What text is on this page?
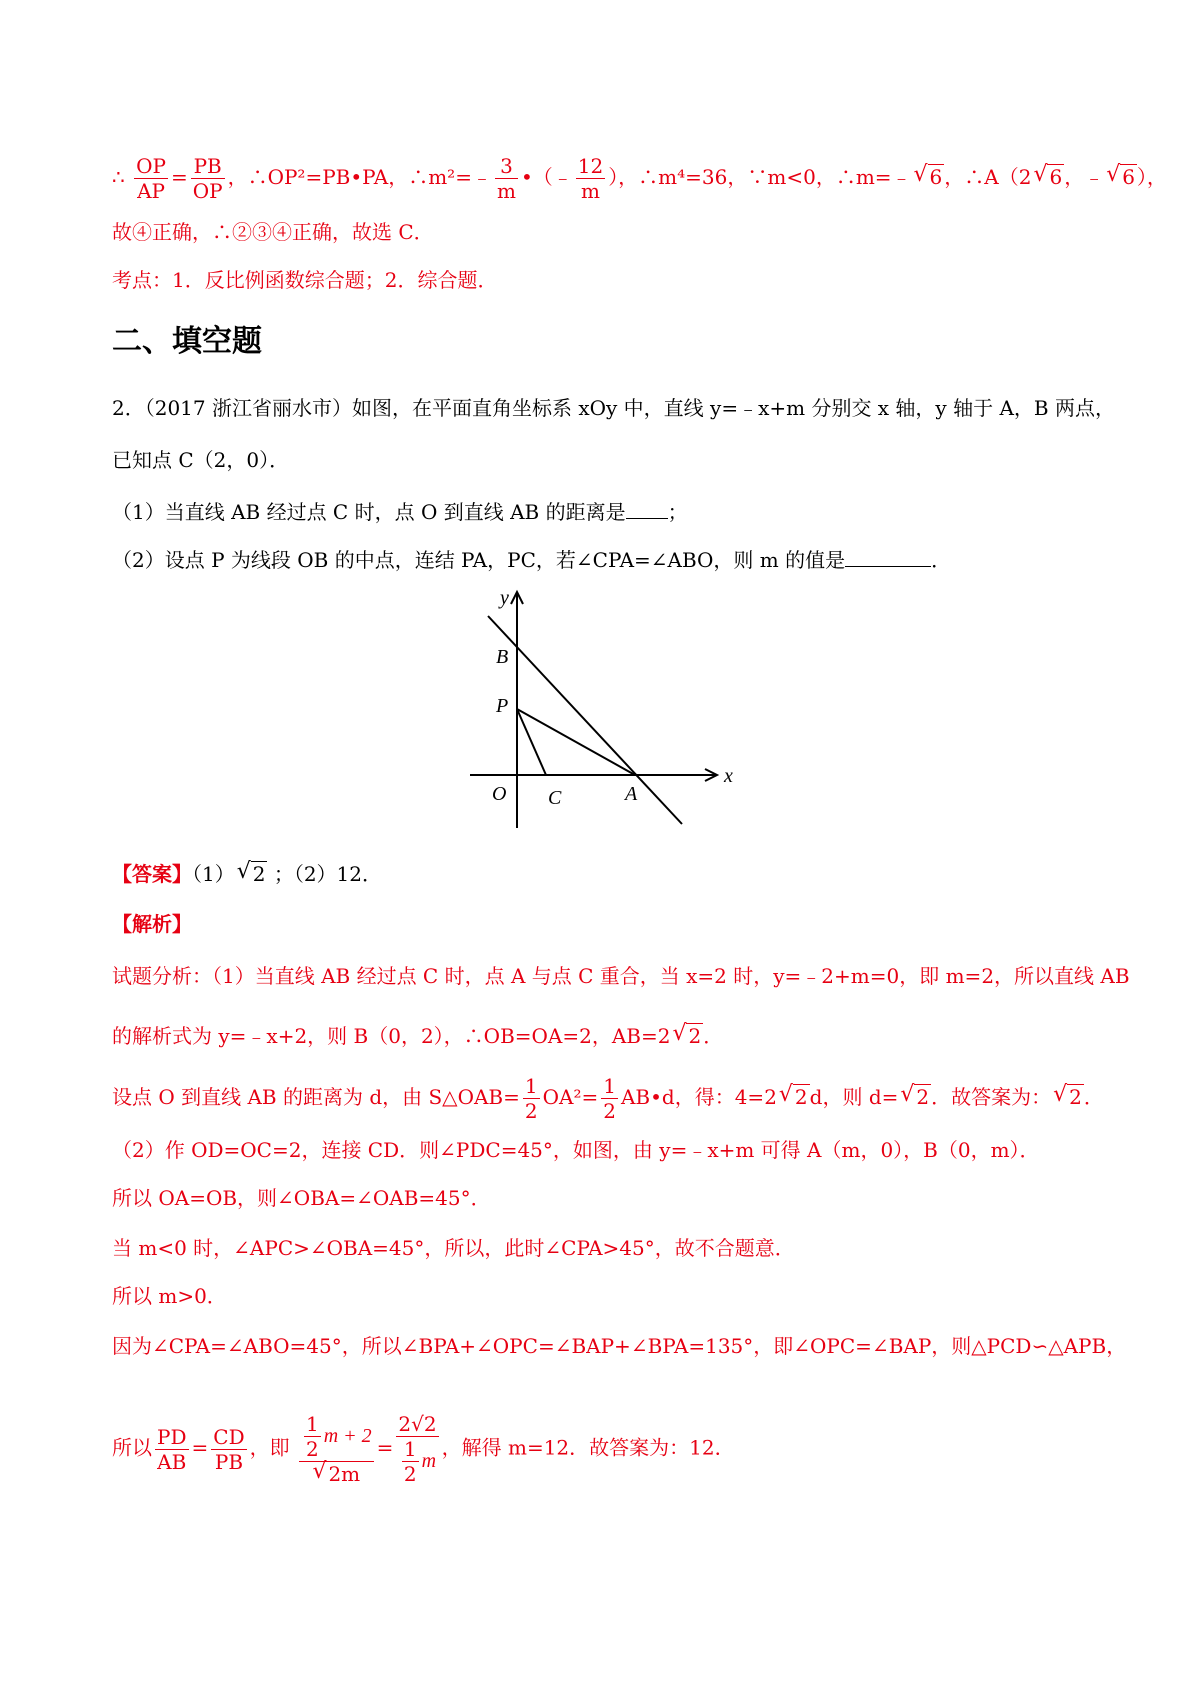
∴ $\frac{OP}{AP} = \frac{PB}{OP}$ ，∴OP²=PB•PA，∴m²=﹣ $\frac{3}{m}$ •（﹣ $\frac{12}{m}$ ），∴m⁴=36，∵m<0，∴m=﹣ √ 6 ，∴A（2 √ 6 ，﹣ √ 6 ），
故④正确，∴②③④正确，故选 C．
考点：1．反比例函数综合题；2．综合题．
二、填空题
2．（2017 浙江省丽水市）如图，在平面直角坐标系 xOy 中，直线 y=﹣x+m 分别交 x 轴，y 轴于 A，B 两点，
已知点 C（2，0）．
（1）当直线 AB 经过点 C 时，点 O 到直线 AB 的距离是 ；
（2）设点 P 为线段 OB 的中点，连结 PA，PC，若∠CPA=∠ABO，则 m 的值是	．
y
x
B
P
O C	A
【答案】（1） √ 2 ；（2）12．
【解析】
试题分析：（1）当直线 AB 经过点 C 时，点 A 与点 C 重合，当 x=2 时，y=﹣2+m=0，即 m=2，所以直线 AB
的解析式为 y=﹣x+2，则 B（0，2），∴OB=OA=2，AB=2 √ 2 ．
设点 O 到直线 AB 的距离为 d，由 S△OAB= $\frac{1}{2} OA^2= \frac{1}{2}$ AB•d，得：4=2 √ 2 d，则 d= √ 2 ．故答案为： √ 2 ．
（2）作 OD=OC=2，连接 CD．则∠PDC=45°，如图，由 y=﹣x+m 可得 A（m，0），B（0，m）．
所以 OA=OB，则∠OBA=∠OAB=45°．
当 m<0 时，∠APC>∠OBA=45°，所以，此时∠CPA>45°，故不合题意．
所以 m>0．
因为∠CPA=∠ABO=45°，所以∠BPA+∠OPC=∠BAP+∠BPA=135°，即∠OPC=∠BAP，则△PCD∽△APB，
所以 $\frac{PD}{AB} = \frac{CD}{PB}$ ，即 $\frac{1}{2}$ m + 2
√ $2m = \frac{2√2}{\frac{1}{2} m}$ ，解得 m=12．故答案为：12．
